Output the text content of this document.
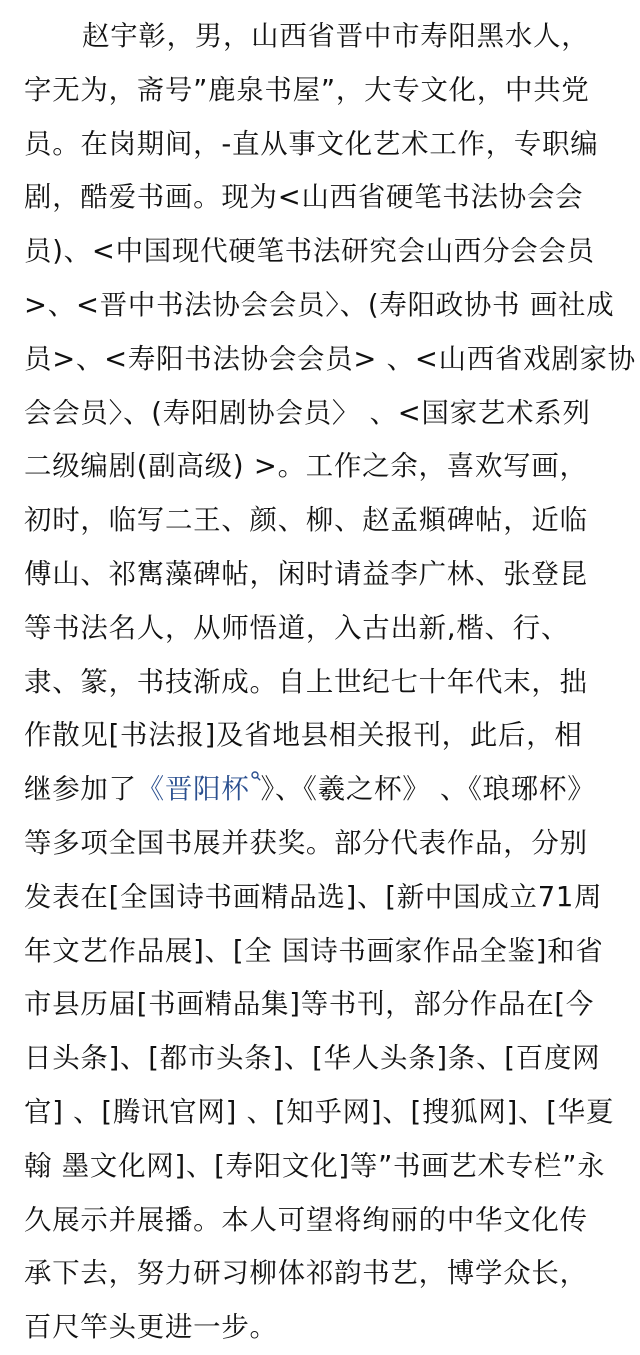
赵宇彰，男，山西省晋中市寿阳黑水人，
字无为，斋号”鹿泉书屋”，大专文化，中共党
员。在岗期间，-直从事文化艺术工作，专职编
剧，酷爱书画。现为<山西省硬笔书法协会会
员)、<中国现代硬笔书法研究会山西分会会员
>、<晋中书法协会会员〉、(寿阳政协书 画社成
员>、<寿阳书法协会会员> 、<山西省戏剧家协
会会员〉、(寿阳剧协会员〉 、<国家艺术系列
二级编剧(副高级) >。工作之余，喜欢写画，
初时，临写二王、颜、柳、赵孟頫碑帖，近临
傅山、祁寯藻碑帖，闲时请益李广林、张登昆
等书法名人，从师悟道，入古出新,楷、行、
隶、篆，书技渐成。自上世纪七十年代末，拙
作散见[书法报]及省地县相关报刊，此后，相
继参加了《晋阳杯 》、《羲之杯》 、《琅琊杯》
等多项全国书展并获奖。部分代表作品，分别
发表在[全国诗书画精品选]、[新中国成立71周
年文艺作品展]、[全 国诗书画家作品全鉴]和省
市县历届[书画精品集]等书刊，部分作品在[今
日头条]、[都市头条]、[华人头条]条、[百度网
官] 、[腾讯官网] 、[知乎网]、[搜狐网]、[华夏
翰 墨文化网]、[寿阳文化]等”书画艺术专栏”永
久展示并展播。本人可望将绚丽的中华文化传
承下去，努力研习柳体祁韵书艺，博学众长，
百尺竿头更进一步。
